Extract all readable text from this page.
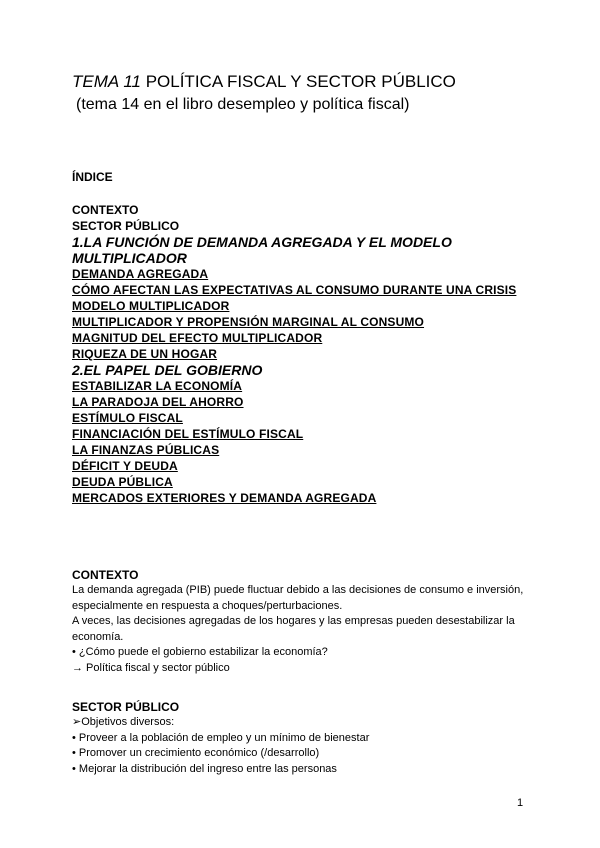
TEMA 11 POLÍTICA FISCAL Y SECTOR PÚBLICO

(tema 14 en el libro desempleo y política fiscal)

ÍNDICE
CONTEXTO
SECTOR PÚBLICO
1.LA FUNCIÓN DE DEMANDA AGREGADA Y EL MODELO MULTIPLICADOR
DEMANDA AGREGADA
CÓMO AFECTAN LAS EXPECTATIVAS AL CONSUMO DURANTE UNA CRISIS
MODELO MULTIPLICADOR
MULTIPLICADOR Y PROPENSIÓN MARGINAL AL CONSUMO
MAGNITUD DEL EFECTO MULTIPLICADOR
RIQUEZA DE UN HOGAR
2.EL PAPEL DEL GOBIERNO
ESTABILIZAR LA ECONOMÍA
LA PARADOJA DEL AHORRO
ESTÍMULO FISCAL
FINANCIACIÓN DEL ESTÍMULO FISCAL
LA FINANZAS PÚBLICAS
DÉFICIT Y DEUDA
DEUDA PÚBLICA
MERCADOS EXTERIORES Y DEMANDA AGREGADA
CONTEXTO

La demanda agregada (PIB) puede fluctuar debido a las decisiones de consumo e inversión,

especialmente en respuesta a choques/perturbaciones.

A veces, las decisiones agregadas de los hogares y las empresas pueden desestabilizar la

economía.

• ¿Cómo puede el gobierno estabilizar la economía?

→ Política fiscal y sector público

SECTOR PÚBLICO

➢Objetivos diversos:

• Proveer a la población de empleo y un mínimo de bienestar

• Promover un crecimiento económico (/desarrollo)

• Mejorar la distribución del ingreso entre las personas

1
